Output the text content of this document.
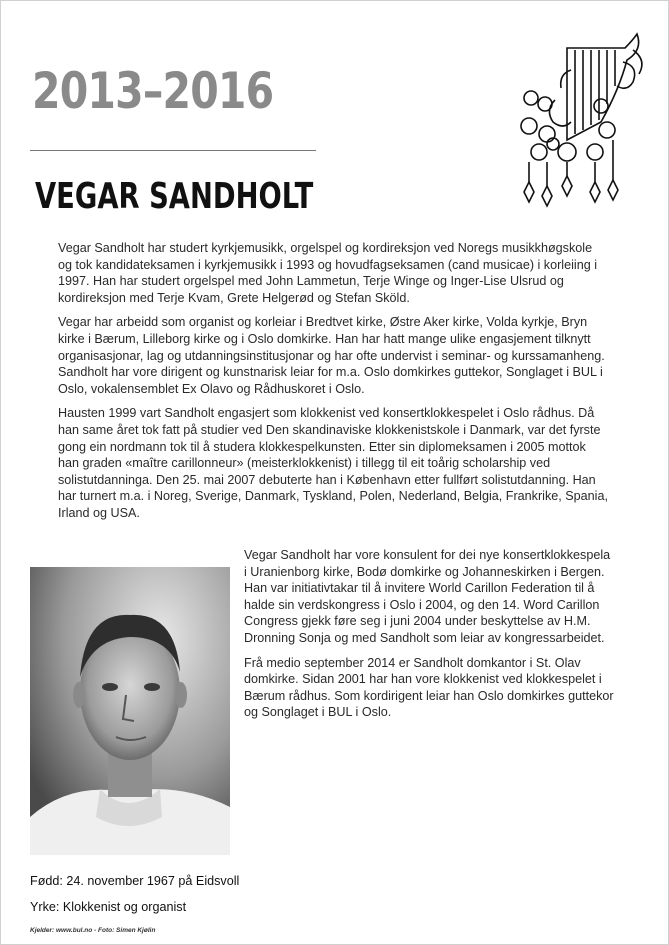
2013–2016
VEGAR SANDHOLT

Vegar Sandholt har studert kyrkjemusikk, orgelspel og kordireksjon ved Noregs musikkhøgskole og tok kandidateksamen i kyrkjemusikk i 1993 og hovudfagseksamen (cand musicae) i korleiing i 1997. Han har studert orgelspel med John Lammetun, Terje Winge og Inger-Lise Ulsrud og kordireksjon med Terje Kvam, Grete Helgerød og Stefan Sköld.

Vegar har arbeidd som organist og korleiar i Bredtvet kirke, Østre Aker kirke, Volda kyrkje, Bryn kirke i Bærum, Lilleborg kirke og i Oslo domkirke. Han har hatt mange ulike engasjement tilknytt organisasjonar, lag og utdanningsinstitusjonar og har ofte undervist i seminar- og kurssamanheng. Sandholt har vore dirigent og kunstnarisk leiar for m.a. Oslo domkirkes guttekor, Songlaget i BUL i Oslo, vokalensemblet Ex Olavo og Rådhuskoret i Oslo.

Hausten 1999 vart Sandholt engasjert som klokkenist ved konsertklokkespelet i Oslo rådhus. Då han same året tok fatt på studier ved Den skandinaviske klokkenistskole i Danmark, var det fyrste gong ein nordmann tok til å studera klokkespelkunsten. Etter sin diplomeksamen i 2005 mottok han graden «maître carillonneur» (meisterklokkenist) i tillegg til eit toårig scholarship ved solistutdanninga. Den 25. mai 2007 debuterte han i København etter fullført solistutdanning. Han har turnert m.a. i Noreg, Sverige, Danmark, Tyskland, Polen, Nederland, Belgia, Frankrike, Spania, Irland og USA.

Vegar Sandholt har vore konsulent for dei nye konsertklokkespela i Uranienborg kirke, Bodø domkirke og Johanneskirken i Bergen. Han var initiativtakar til å invitere World Carillon Federation til å halde sin verdskongress i Oslo i 2004, og den 14. Word Carillon Congress gjekk føre seg i juni 2004 under beskyttelse av H.M. Dronning Sonja og med Sandholt som leiar av kongressarbeidet.

Frå medio september 2014 er Sandholt domkantor i St. Olav domkirke. Sidan 2001 har han vore klokkenist ved klokkespelet i Bærum rådhus. Som kordirigent leiar han Oslo domkirkes guttekor og Songlaget i BUL i Oslo.

Fødd: 24. november 1967 på Eidsvoll
Yrke: Klokkenist og organist
Kjelder: www.bul.no - Foto: Simen Kjølin
